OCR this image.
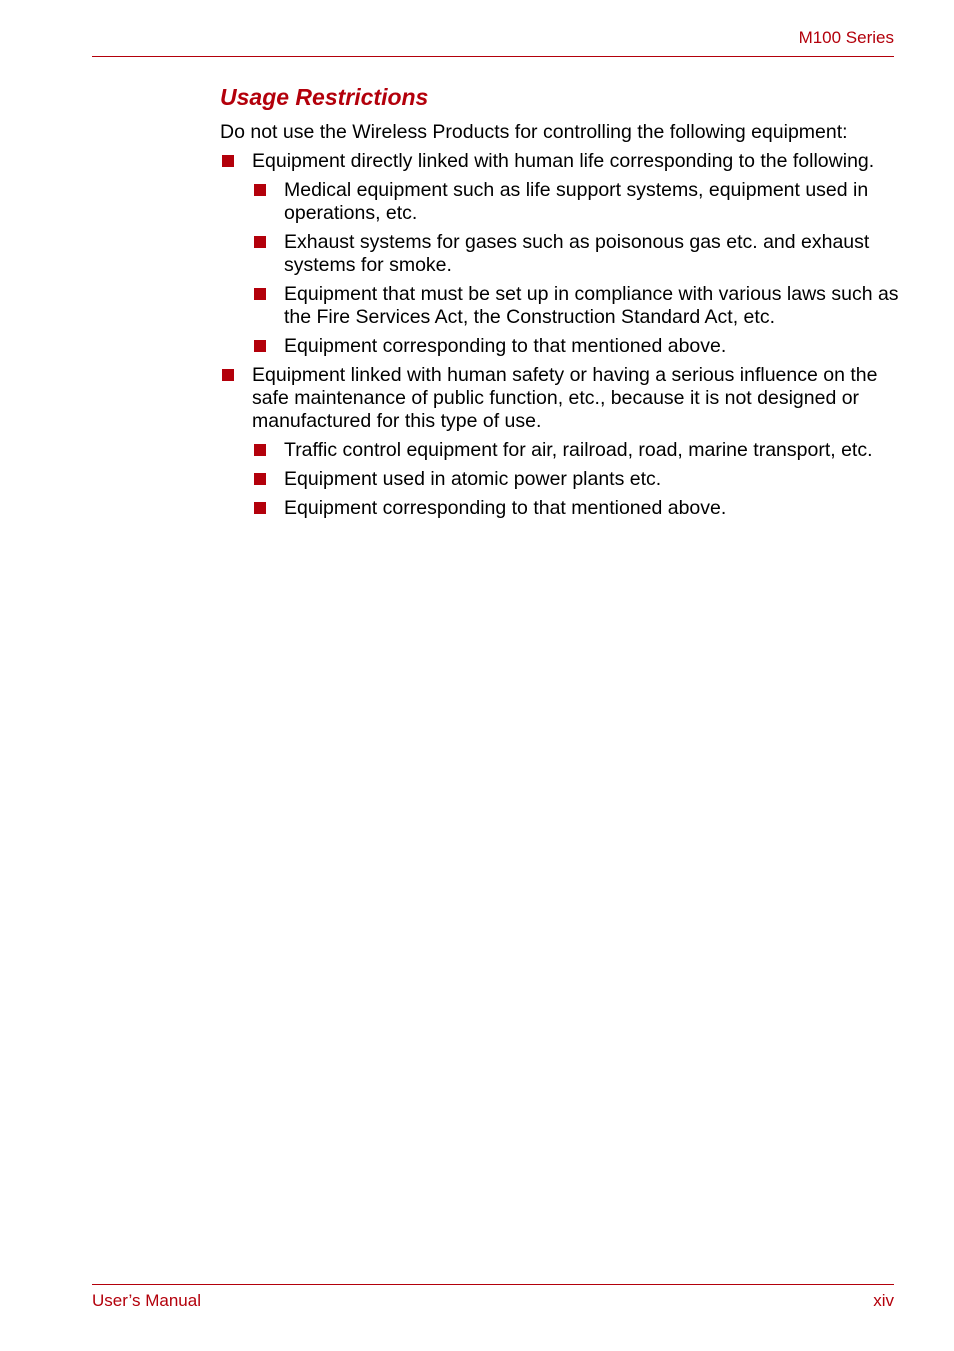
M100 Series
Usage Restrictions
Do not use the Wireless Products for controlling the following equipment:
Equipment directly linked with human life corresponding to the following.
Medical equipment such as life support systems, equipment used in operations, etc.
Exhaust systems for gases such as poisonous gas etc. and exhaust systems for smoke.
Equipment that must be set up in compliance with various laws such as the Fire Services Act, the Construction Standard Act, etc.
Equipment corresponding to that mentioned above.
Equipment linked with human safety or having a serious influence on the safe maintenance of public function, etc., because it is not designed or manufactured for this type of use.
Traffic control equipment for air, railroad, road, marine transport, etc.
Equipment used in atomic power plants etc.
Equipment corresponding to that mentioned above.
User’s Manual	xiv
